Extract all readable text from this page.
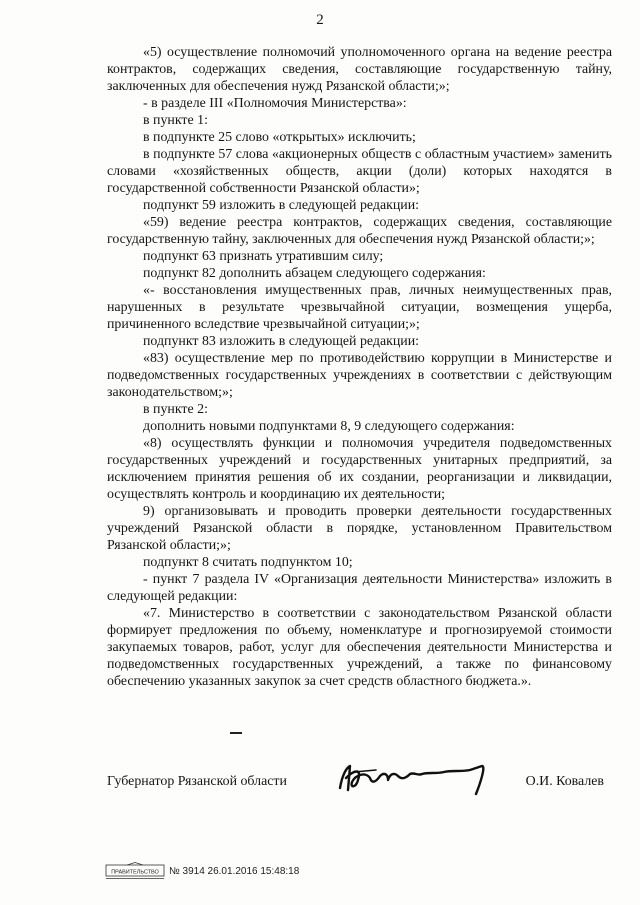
2

«5) осуществление полномочий уполномоченного органа на ведение реестра контрактов, содержащих сведения, составляющие государственную тайну, заключенных для обеспечения нужд Рязанской области;»;

- в разделе III «Полномочия Министерства»:

в пункте 1:

в подпункте 25 слово «открытых» исключить;

в подпункте 57 слова «акционерных обществ с областным участием» заменить словами «хозяйственных обществ, акции (доли) которых находятся в государственной собственности Рязанской области»;

подпункт 59 изложить в следующей редакции:

«59) ведение реестра контрактов, содержащих сведения, составляющие государственную тайну, заключенных для обеспечения нужд Рязанской области;»;

подпункт 63 признать утратившим силу;

подпункт 82 дополнить абзацем следующего содержания:

«- восстановления имущественных прав, личных неимущественных прав, нарушенных в результате чрезвычайной ситуации, возмещения ущерба, причиненного вследствие чрезвычайной ситуации;»;

подпункт 83 изложить в следующей редакции:

«83) осуществление мер по противодействию коррупции в Министерстве и подведомственных государственных учреждениях в соответствии с действующим законодательством;»;

в пункте 2:

дополнить новыми подпунктами 8, 9 следующего содержания:

«8) осуществлять функции и полномочия учредителя подведомственных государственных учреждений и государственных унитарных предприятий, за исключением принятия решения об их создании, реорганизации и ликвидации, осуществлять контроль и координацию их деятельности;

9) организовывать и проводить проверки деятельности государственных учреждений Рязанской области в порядке, установленном Правительством Рязанской области;»;

подпункт 8 считать подпунктом 10;

- пункт 7 раздела IV «Организация деятельности Министерства» изложить в следующей редакции:

«7. Министерство в соответствии с законодательством Рязанской области формирует предложения по объему, номенклатуре и прогнозируемой стоимости закупаемых товаров, работ, услуг для обеспечения деятельности Министерства и подведомственных государственных учреждений, а также по финансовому обеспечению указанных закупок за счет средств областного бюджета.».

Губернатор Рязанской области	О.И. Ковалев
ПРАВИТЕЛЬСТВО № 3914 26.01.2016 15:48:18
